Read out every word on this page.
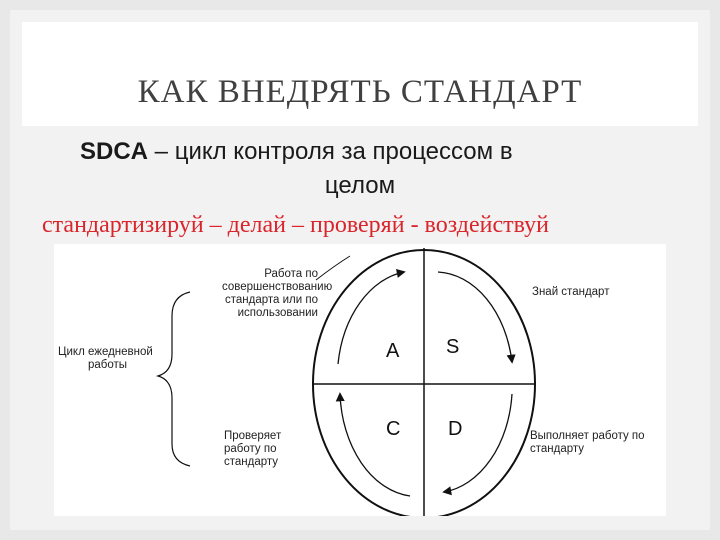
КАК ВНЕДРЯТЬ СТАНДАРТ
SDCA – цикл контроля за процессом в
целом
стандартизируй – делай – проверяй - воздействуй
Цикл ежедневной
работы
Работа по
совершенствованию
стандарта или по
использовании
Знай стандарт
Проверяет
работу по
стандарту
Выполняет работу по
стандарту
A S
C D
